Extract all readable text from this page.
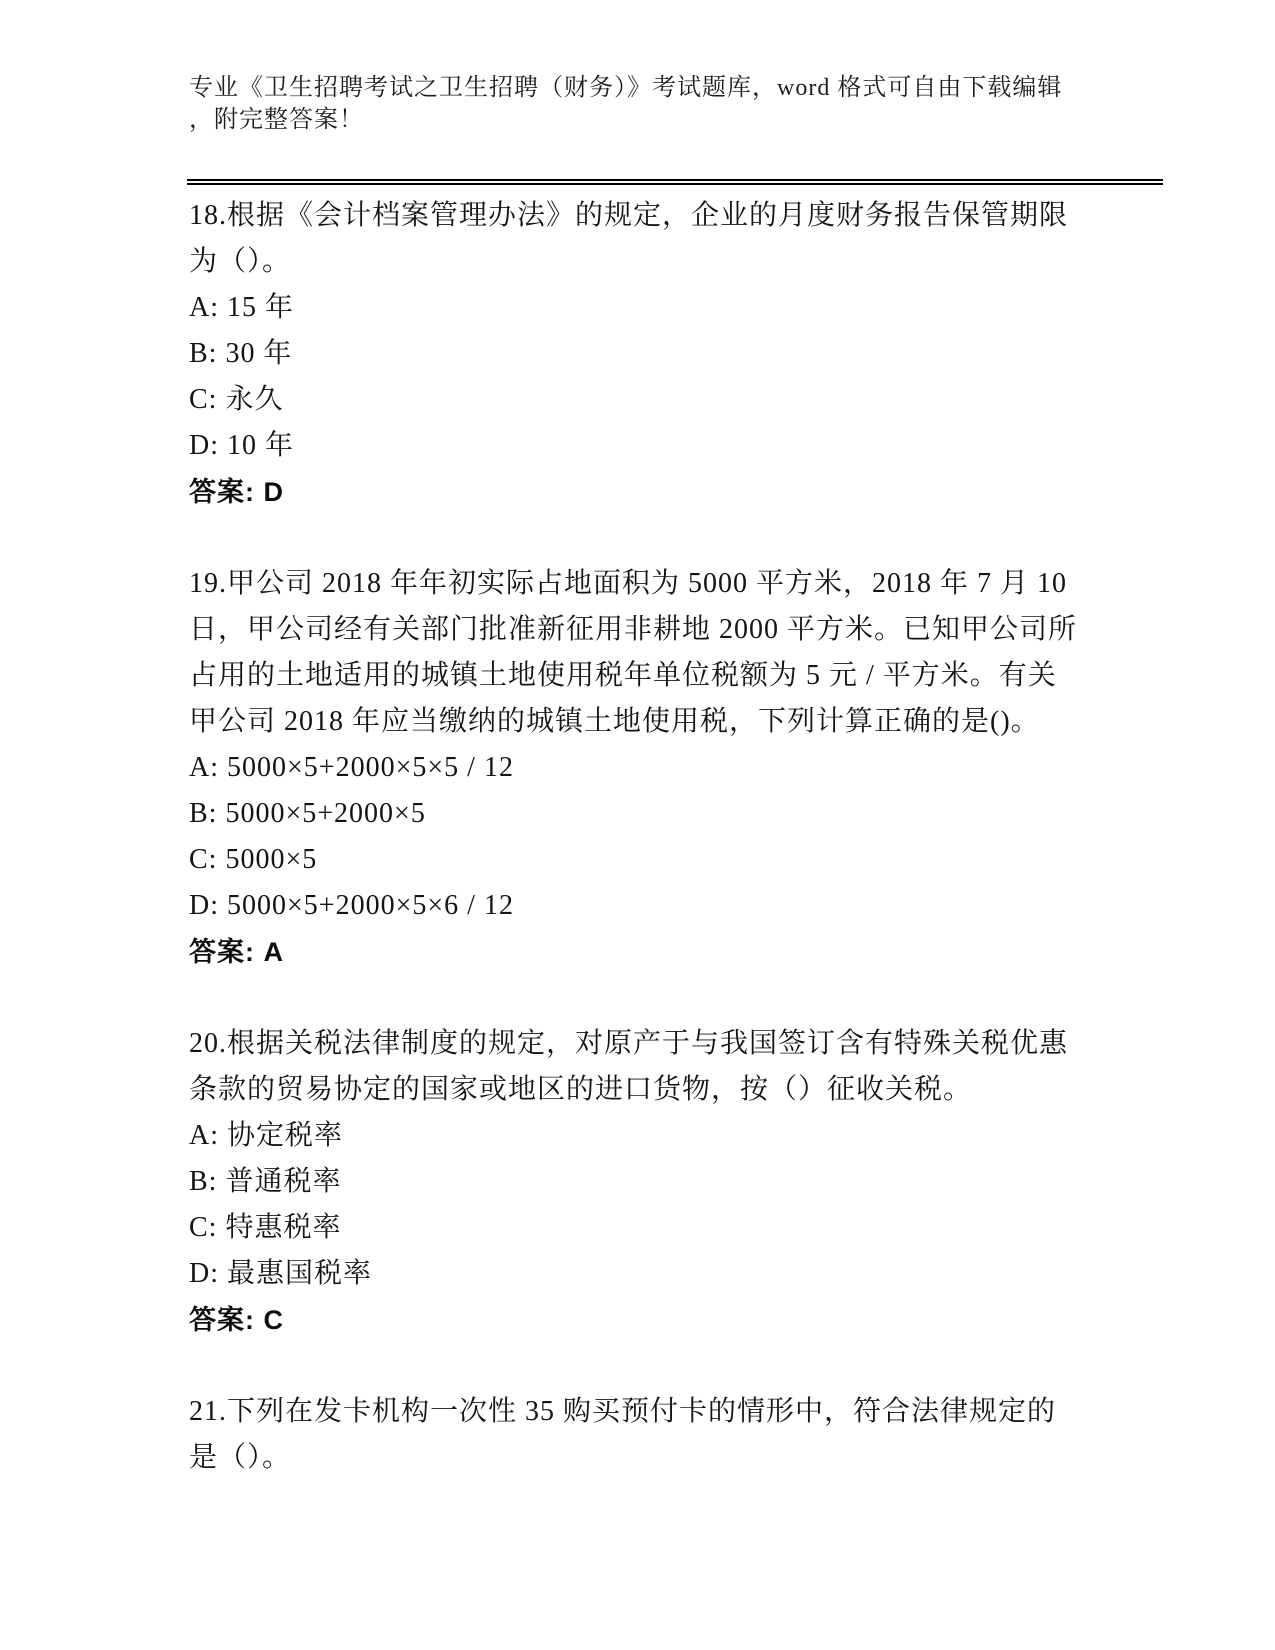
专业《卫生招聘考试之卫生招聘（财务）》考试题库，word 格式可自由下载编辑
，附完整答案！

18.根据《会计档案管理办法》的规定，企业的月度财务报告保管期限

为（）。

A: 15 年

B: 30 年

C: 永久

D: 10 年

答案: D

19.甲公司 2018 年年初实际占地面积为 5000 平方米，2018 年 7 月 10

日，甲公司经有关部门批准新征用非耕地 2000 平方米。已知甲公司所

占用的土地适用的城镇土地使用税年单位税额为 5 元 / 平方米。有关

甲公司 2018 年应当缴纳的城镇土地使用税，下列计算正确的是()。

A: 5000×5+2000×5×5 / 12

B: 5000×5+2000×5

C: 5000×5

D: 5000×5+2000×5×6 / 12

答案: A

20.根据关税法律制度的规定，对原产于与我国签订含有特殊关税优惠

条款的贸易协定的国家或地区的进口货物，按（）征收关税。

A: 协定税率

B: 普通税率

C: 特惠税率

D: 最惠国税率

答案: C

21.下列在发卡机构一次性 35 购买预付卡的情形中，符合法律规定的

是（）。
